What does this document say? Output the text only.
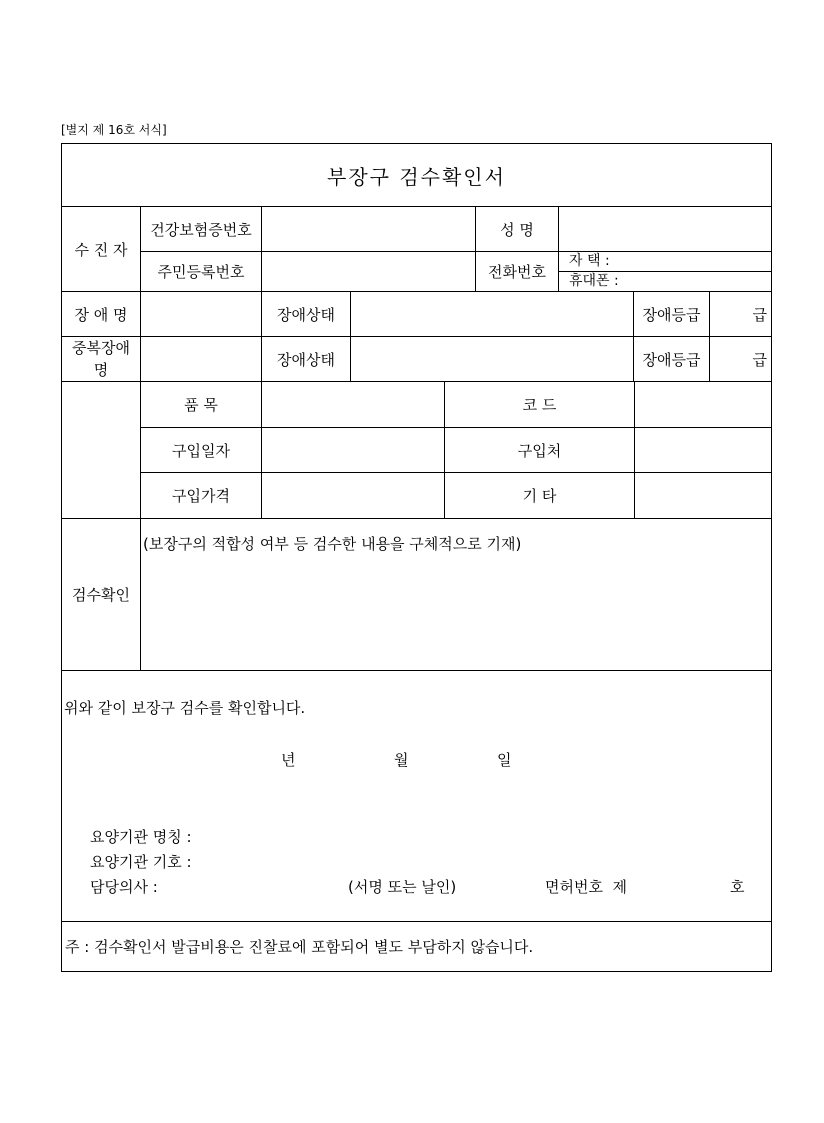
[별지 제 16호 서식]
부장구 검수확인서
수 진 자
건강보험증번호	성 명
주민등록번호	전화번호
자 택 :
휴대폰 :
장 애 명	장애상태	장애등급	급
중복장애명
장애상태	장애등급	급
품 목	코 드
구입일자	구입처
구입가격	기 타
검수확인
(보장구의 적합성 여부 등 검수한 내용을 구체적으로 기재)
위와 같이 보장구 검수를 확인합니다.
년	월	일
요양기관 명칭 :
요양기관 기호 :
담당의사 :	(서명 또는 날인)	면허번호  제	호
주 : 검수확인서 발급비용은 진찰료에 포함되어 별도 부담하지 않습니다.
